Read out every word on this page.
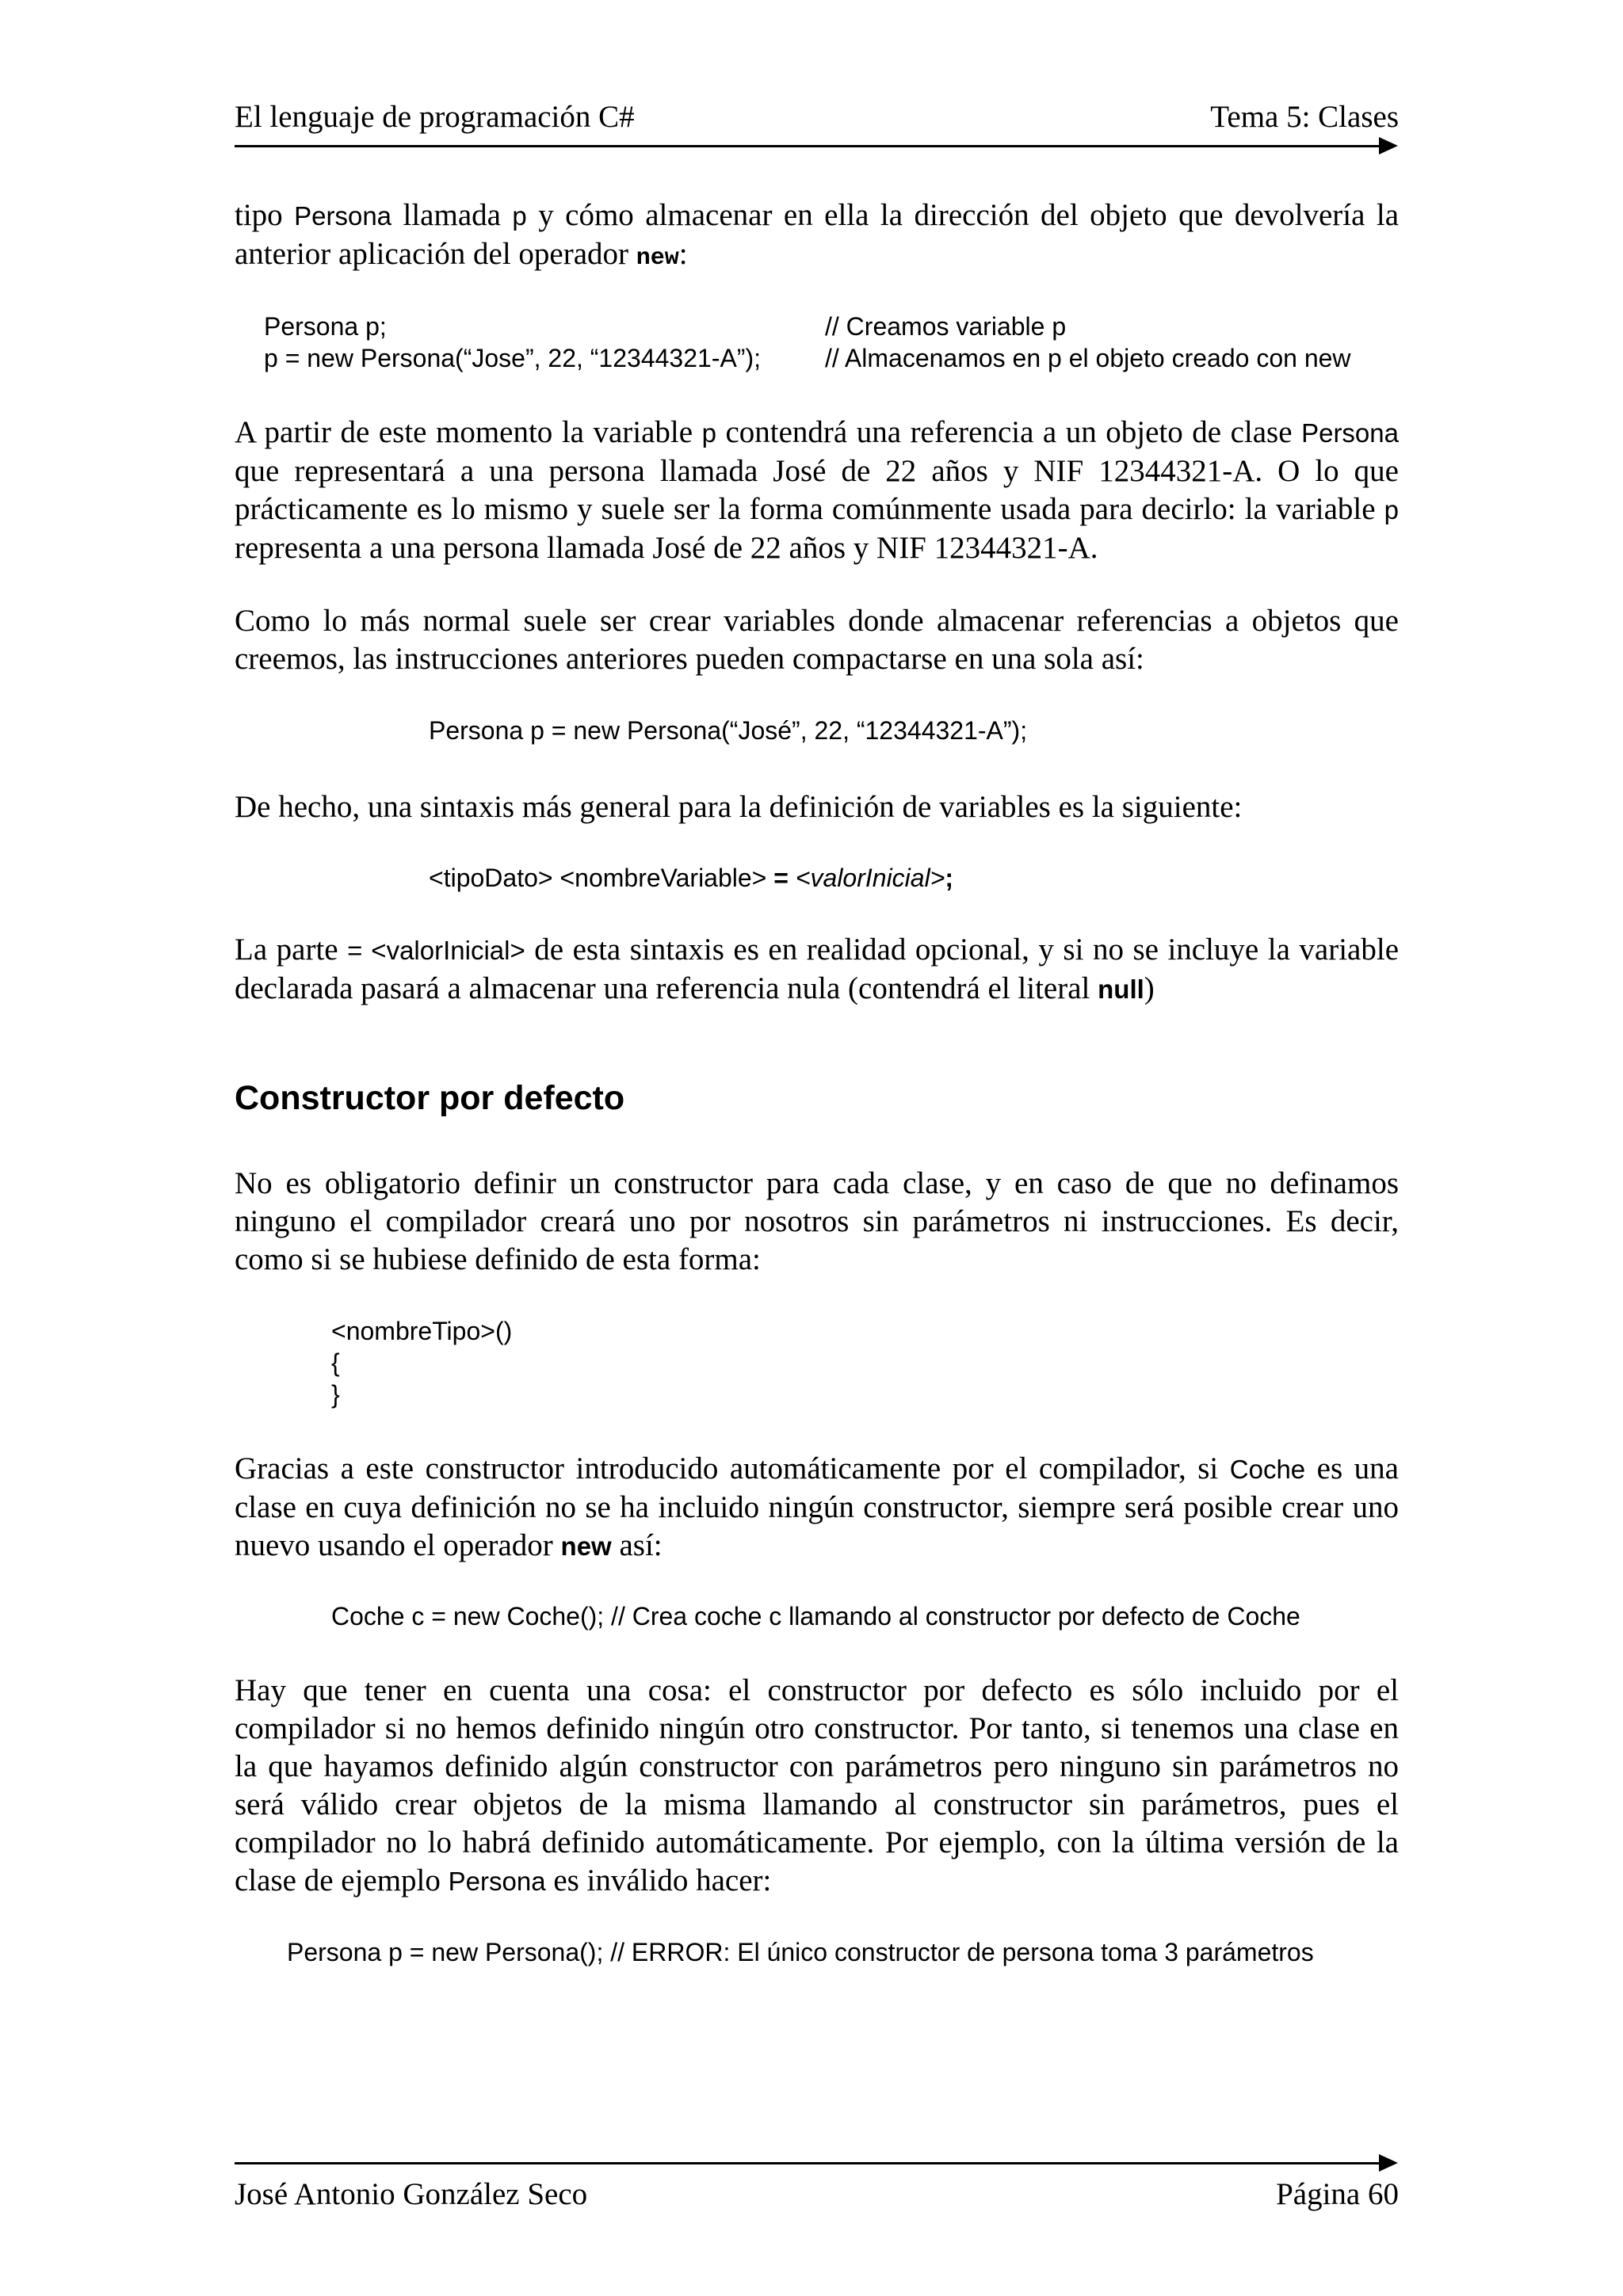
El lenguaje de programación C#	Tema 5: Clases
tipo Persona llamada p y cómo almacenar en ella la dirección del objeto que devolvería la anterior aplicación del operador new:
Persona p;	// Creamos variable p
p = new Persona(“Jose”, 22, “12344321-A”);	// Almacenamos en p el objeto creado con new
A partir de este momento la variable p contendrá una referencia a un objeto de clase Persona que representará a una persona llamada José de 22 años y NIF 12344321-A. O lo que prácticamente es lo mismo y suele ser la forma comúnmente usada para decirlo: la variable p representa a una persona llamada José de 22 años y NIF 12344321-A.
Como lo más normal suele ser crear variables donde almacenar referencias a objetos que creemos, las instrucciones anteriores pueden compactarse en una sola así:
Persona p = new Persona(“José”, 22, “12344321-A”);
De hecho, una sintaxis más general para la definición de variables es la siguiente:
<tipoDato> <nombreVariable> = <valorInicial>;
La parte = <valorInicial> de esta sintaxis es en realidad opcional, y si no se incluye la variable declarada pasará a almacenar una referencia nula (contendrá el literal null)
Constructor por defecto
No es obligatorio definir un constructor para cada clase, y en caso de que no definamos ninguno el compilador creará uno por nosotros sin parámetros ni instrucciones. Es decir, como si se hubiese definido de esta forma:
<nombreTipo>()
{
}
Gracias a este constructor introducido automáticamente por el compilador, si Coche es una clase en cuya definición no se ha incluido ningún constructor, siempre será posible crear uno nuevo usando el operador new así:
Coche c = new Coche(); // Crea coche c llamando al constructor por defecto de Coche
Hay que tener en cuenta una cosa: el constructor por defecto es sólo incluido por el compilador si no hemos definido ningún otro constructor. Por tanto, si tenemos una clase en la que hayamos definido algún constructor con parámetros pero ninguno sin parámetros no será válido crear objetos de la misma llamando al constructor sin parámetros, pues el compilador no lo habrá definido automáticamente. Por ejemplo, con la última versión de la clase de ejemplo Persona es inválido hacer:
Persona p = new Persona(); // ERROR: El único constructor de persona toma 3 parámetros
José Antonio González Seco	Página 60
